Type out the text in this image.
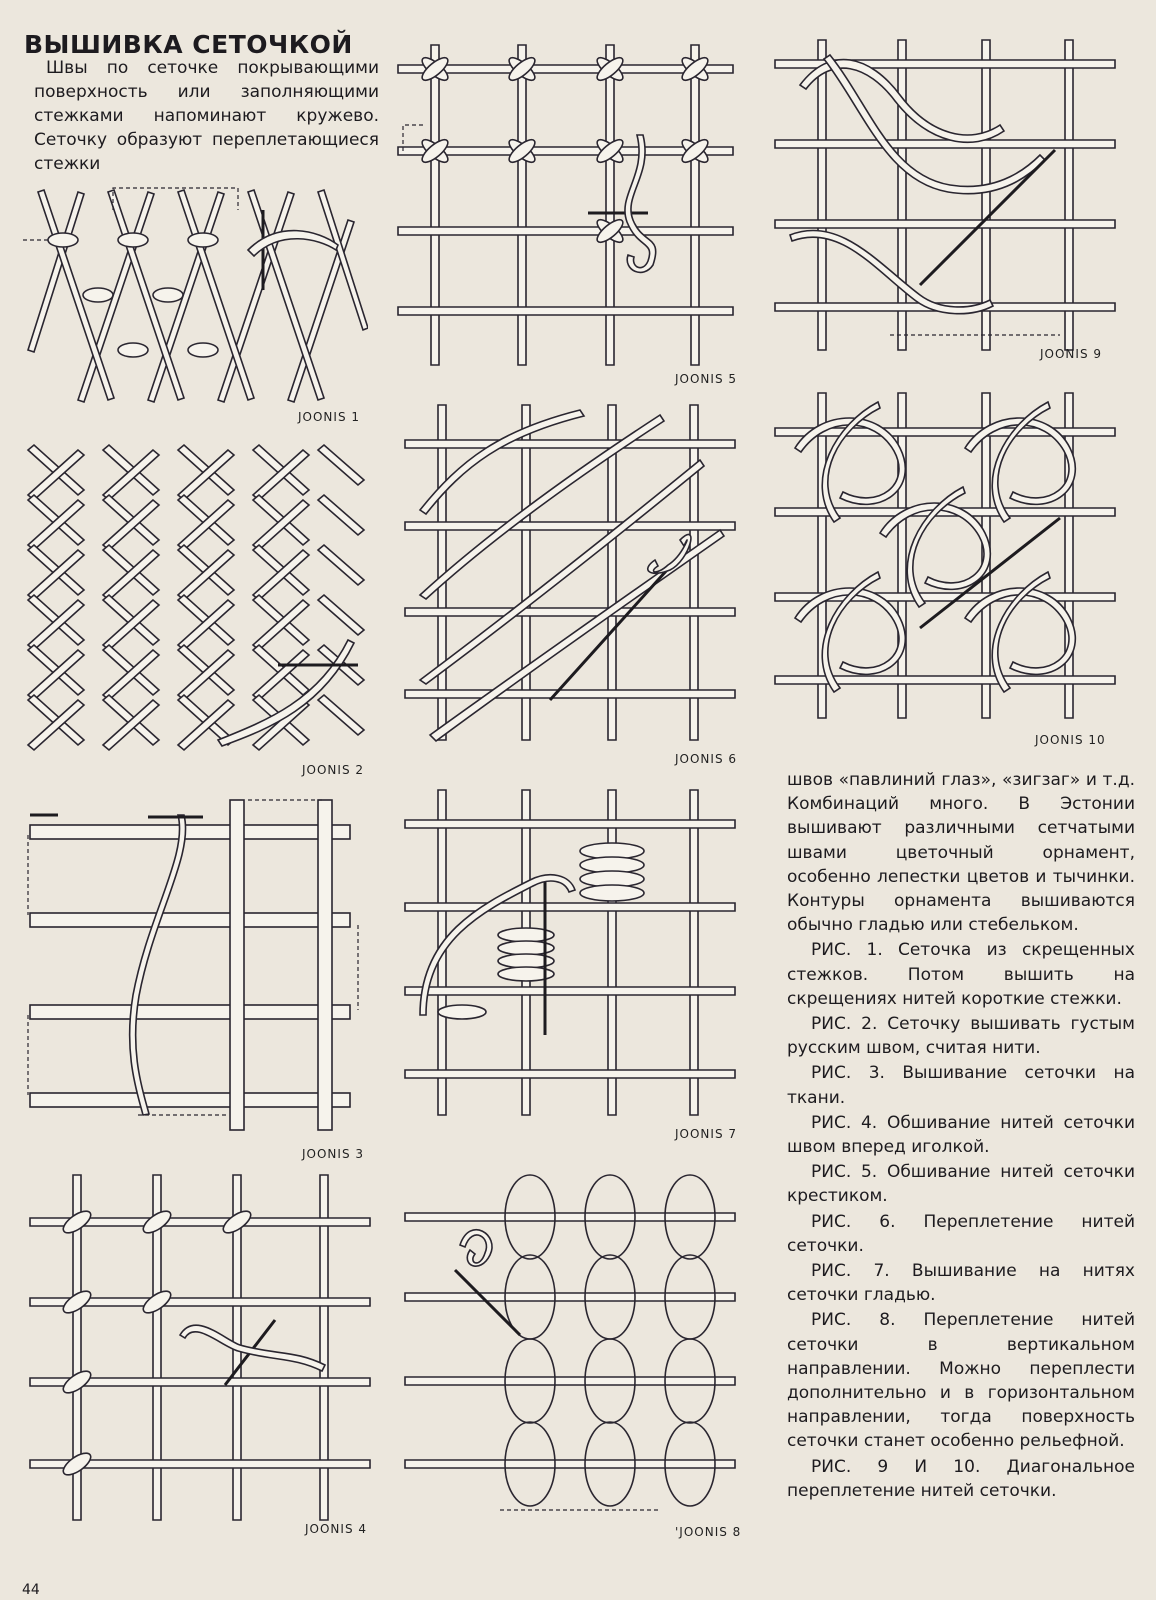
ВЫШИВКА СЕТОЧКОЙ
Швы по сеточке покрывающими поверхность или заполняющими стежками напоминают кружево. Сеточку образуют переплетающиеся стежки
JOONIS 1
JOONIS 2
JOONIS 3
JOONIS 4
JOONIS 5
JOONIS 6
JOONIS 7
'JOONIS 8
JOONIS 9
JOONIS 10

швов «павлиний глаз», «зигзаг» и т.д. Комбинаций много. В Эстонии вышивают различными сетчатыми швами цветочный орнамент, особенно лепестки цветов и тычинки. Контуры орнамента вышиваются обычно гладью или стебельком.

РИС. 1. Сеточка из скрещенных стежков. Потом вышить на скрещениях нитей короткие стежки.

РИС. 2. Сеточку вышивать густым русским швом, считая нити.

РИС. 3. Вышивание сеточки на ткани.

РИС. 4. Обшивание нитей сеточки швом вперед иголкой.

РИС. 5. Обшивание нитей сеточки крестиком.

РИС. 6. Переплетение нитей сеточки.

РИС. 7. Вышивание на нитях сеточки гладью.

РИС. 8. Переплетение нитей сеточки в вертикальном направлении. Можно переплести дополнительно и в горизонтальном направлении, тогда поверхность сеточки станет особенно рельефной.

РИС. 9 И 10. Диагональное переплетение нитей сеточки.

44
